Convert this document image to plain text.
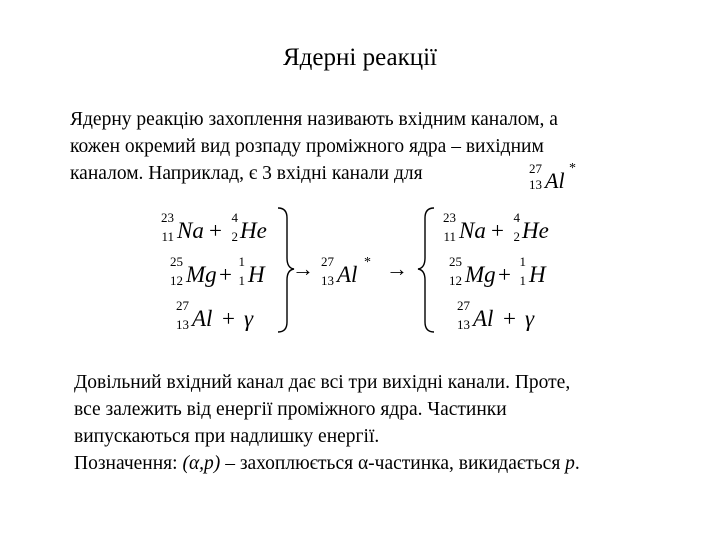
Ядерні реакції
Ядерну реакцію захоплення називають вхідним каналом, а
кожен окремий вид розпаду проміжного ядра – вихідним
каналом. Наприклад, є 3 вхідні канали для	27
13 Al *
23
11 Na +
4
2 He
25
12 Mg +
1
1 H
27
13 Al + γ
→ 27
13 Al * →
23
11 Na +
4
2 He
25
12 Mg +
1
1 H
27
13 Al + γ
Довільний вхідний канал дає всі три вихідні канали. Проте,
все залежить від енергії проміжного ядра. Частинки
випускаються при надлишку енергії.
Позначення: (α,p) – захоплюється α-частинка, викидається p.
